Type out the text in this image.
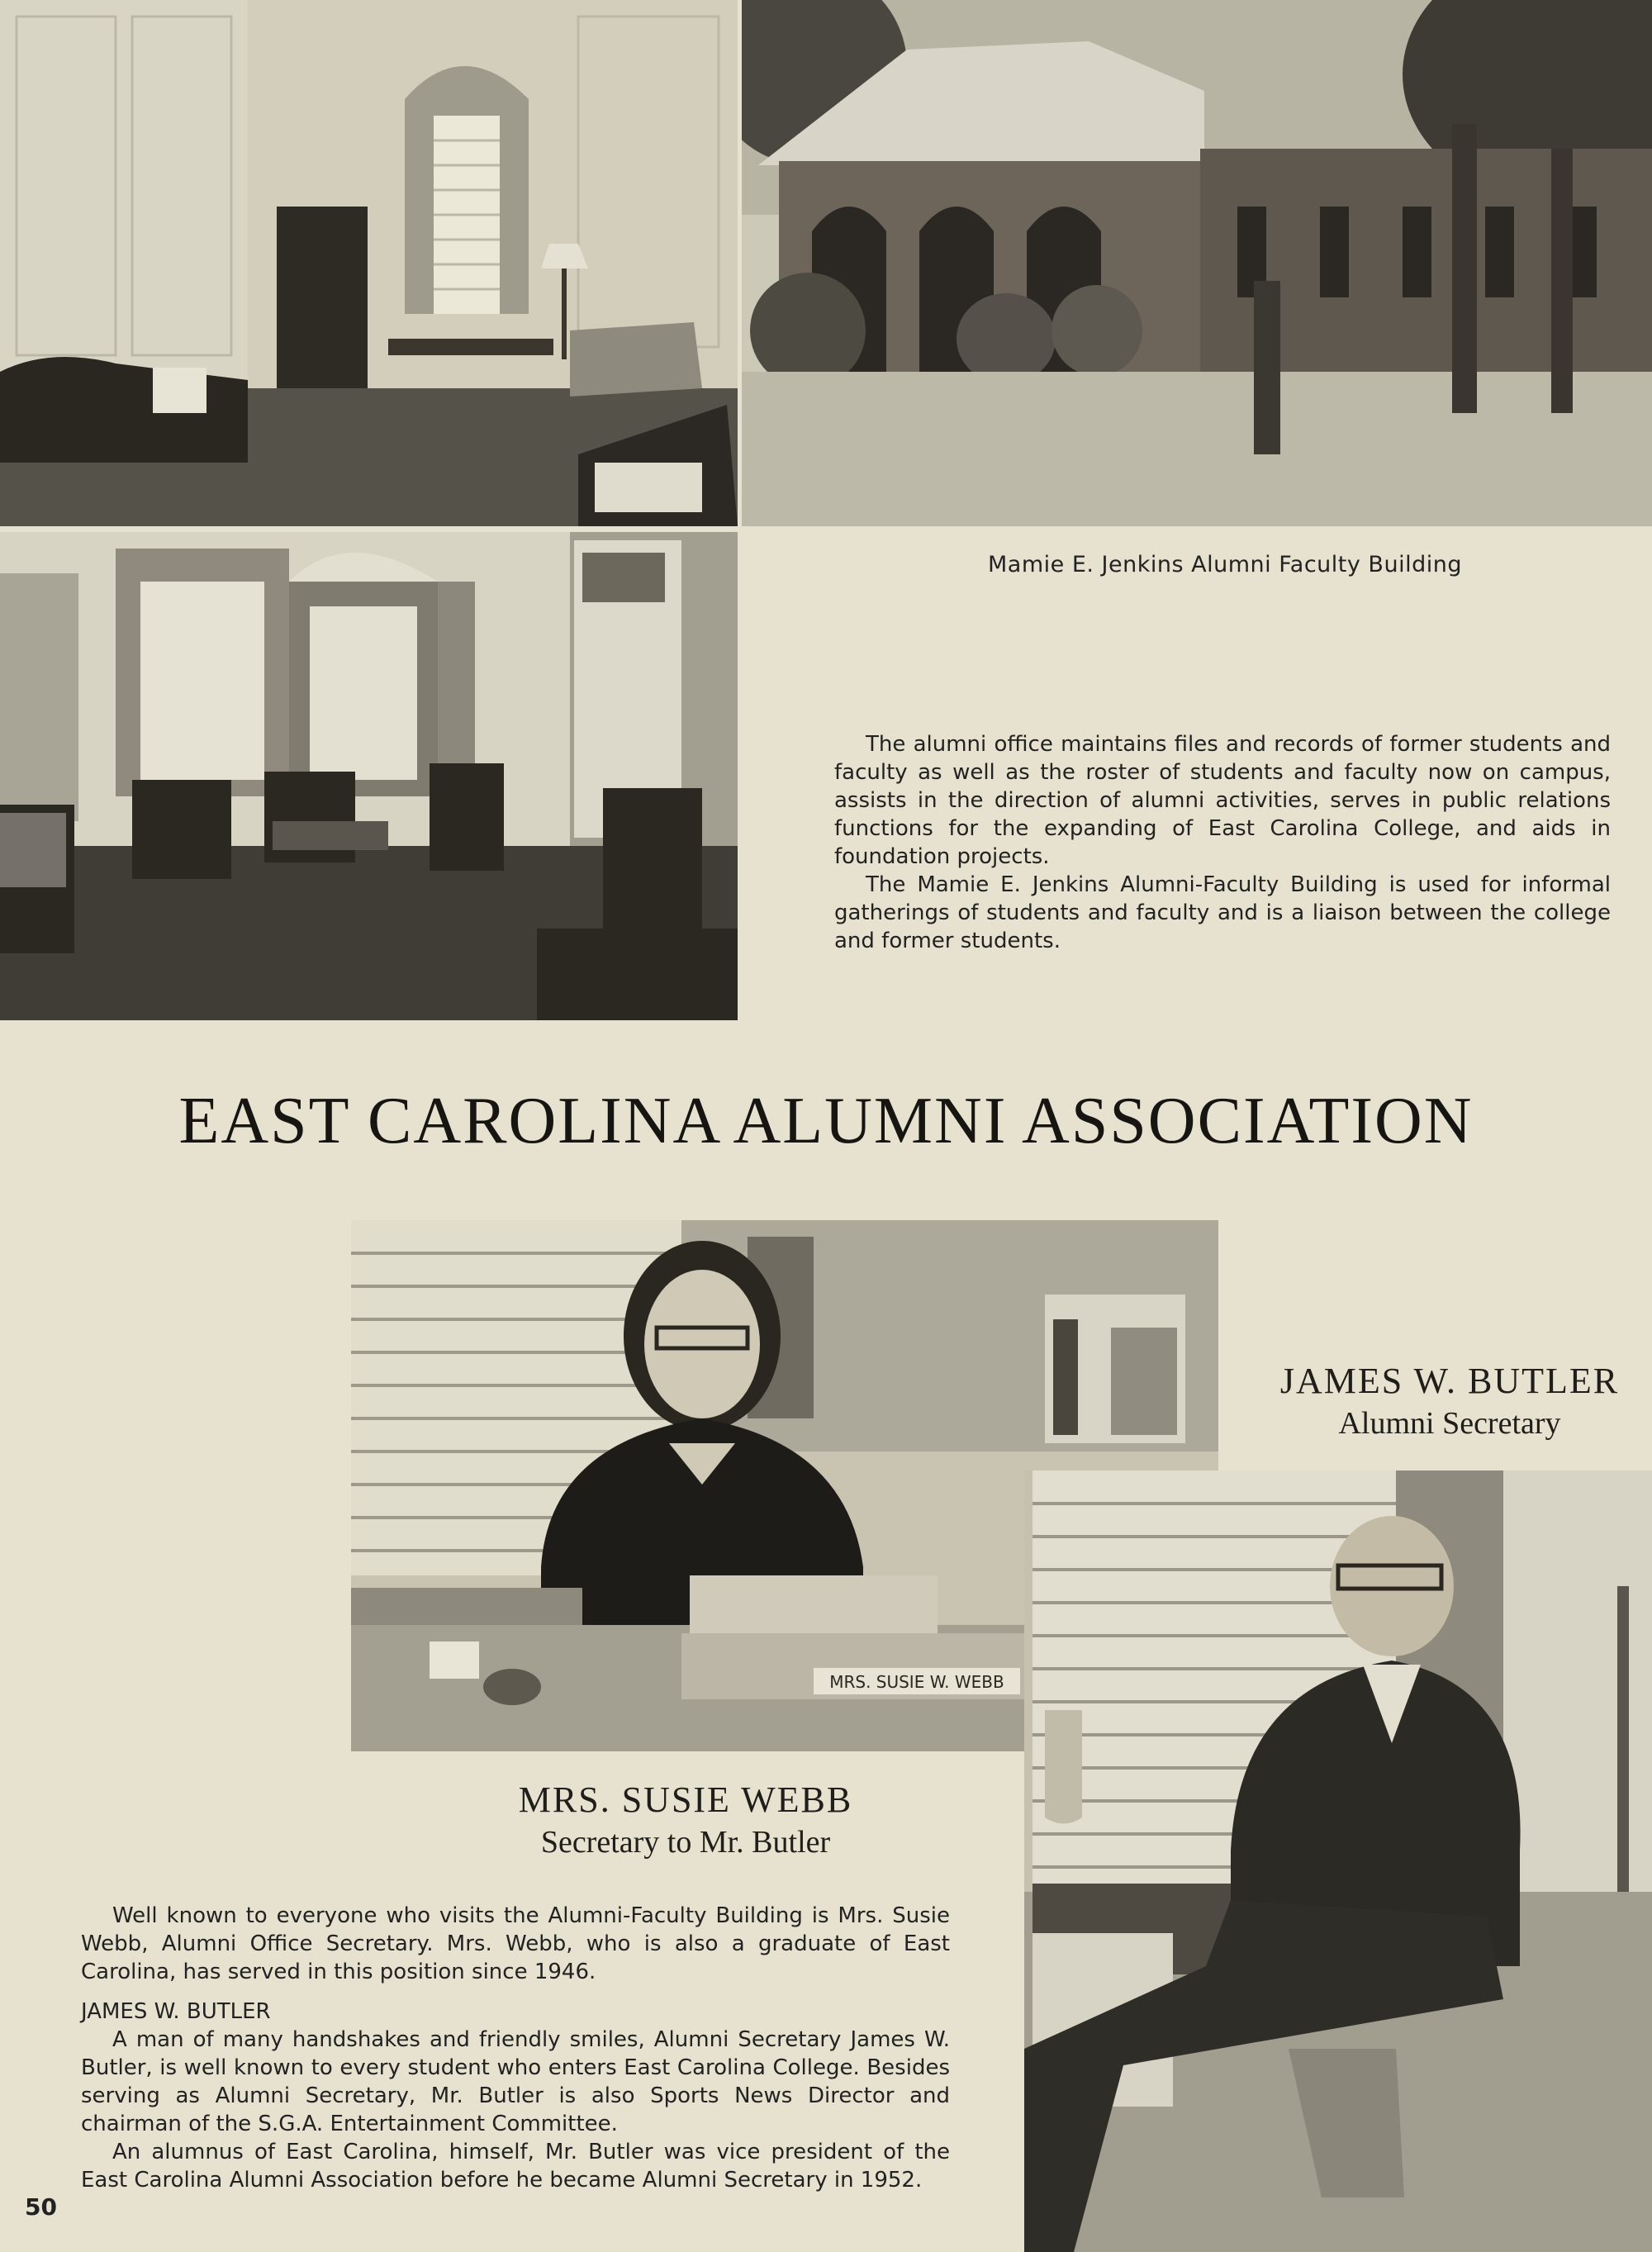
Mamie E. Jenkins Alumni Faculty Building

The alumni office maintains files and records of former students and faculty as well as the roster of students and faculty now on campus, assists in the direction of alumni activities, serves in public relations functions for the expanding of East Carolina College, and aids in foundation projects.

The Mamie E. Jenkins Alumni-Faculty Building is used for informal gatherings of students and faculty and is a liaison between the college and former students.

EAST CAROLINA ALUMNI ASSOCIATION
MRS. SUSIE W. WEBB
JAMES W. BUTLER
Alumni Secretary
MRS. SUSIE WEBB
Secretary to Mr. Butler

Well known to everyone who visits the Alumni-Faculty Building is Mrs. Susie Webb, Alumni Office Secretary. Mrs. Webb, who is also a graduate of East Carolina, has served in this position since 1946.

JAMES W. BUTLER

A man of many handshakes and friendly smiles, Alumni Secretary James W. Butler, is well known to every student who enters East Carolina College. Besides serving as Alumni Secretary, Mr. Butler is also Sports News Director and chairman of the S.G.A. Entertainment Committee.

An alumnus of East Carolina, himself, Mr. Butler was vice president of the East Carolina Alumni Association before he became Alumni Secretary in 1952.

50
